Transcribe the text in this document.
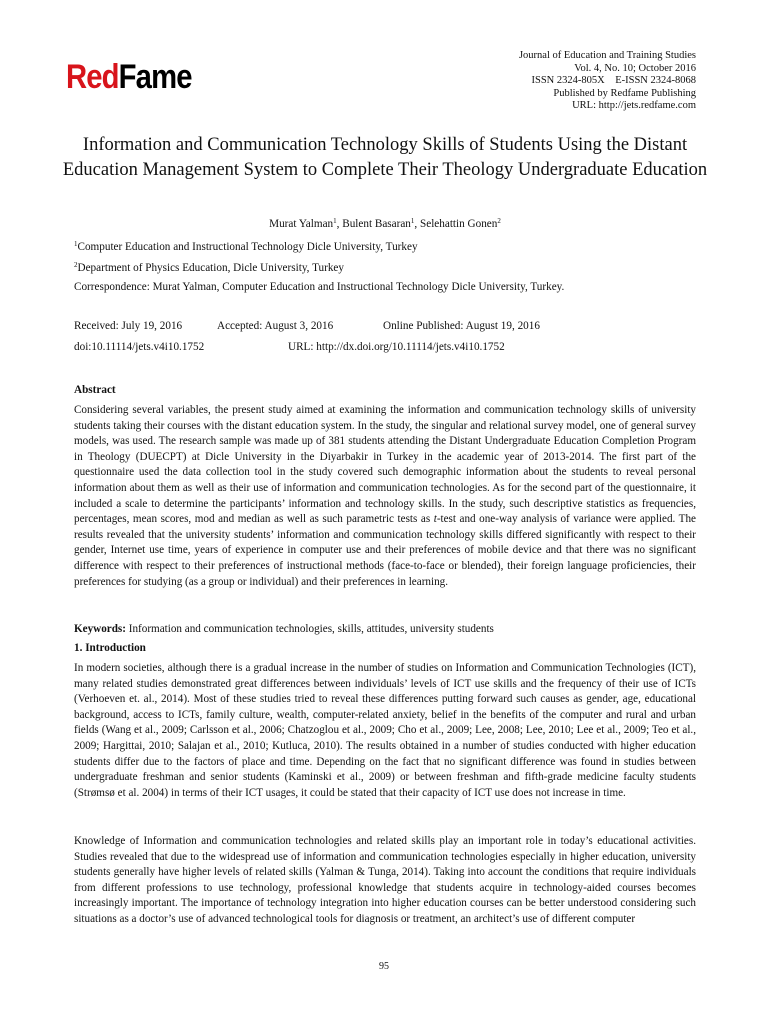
RedFame
Journal of Education and Training Studies
Vol. 4, No. 10; October 2016
ISSN 2324-805X    E-ISSN 2324-8068
Published by Redfame Publishing
URL: http://jets.redfame.com
Information and Communication Technology Skills of Students Using the Distant Education Management System to Complete Their Theology Undergraduate Education
Murat Yalman$^1$, Bulent Basaran$^1$, Selehattin Gonen$^2$
$^1$Computer Education and Instructional Technology Dicle University, Turkey
$^2$Department of Physics Education, Dicle University, Turkey
Correspondence: Murat Yalman, Computer Education and Instructional Technology Dicle University, Turkey.
Received: July 19, 2016	Accepted: August 3, 2016	Online Published: August 19, 2016
doi:10.11114/jets.v4i10.1752	URL: http://dx.doi.org/10.11114/jets.v4i10.1752
Abstract

Considering several variables, the present study aimed at examining the information and communication technology skills of university students taking their courses with the distant education system. In the study, the singular and relational survey model, one of general survey models, was used. The research sample was made up of 381 students attending the Distant Undergraduate Education Completion Program in Theology (DUECPT) at Dicle University in the Diyarbakir in Turkey in the academic year of 2013-2014. The first part of the questionnaire used the data collection tool in the study covered such demographic information about the students to reveal personal information about them as well as their use of information and communication technologies. As for the second part of the questionnaire, it included a scale to determine the participants’ information and technology skills. In the study, such descriptive statistics as frequencies, percentages, mean scores, mod and median as well as such parametric tests as t-test and one-way analysis of variance were applied. The results revealed that the university students’ information and communication technology skills differed significantly with respect to their gender, Internet use time, years of experience in computer use and their preferences of mobile device and that there was no significant difference with respect to their preferences of instructional methods (face-to-face or blended), their foreign language proficiencies, their preferences for studying (as a group or individual) and their preferences in learning.

Keywords: Information and communication technologies, skills, attitudes, university students
1. Introduction
In modern societies, although there is a gradual increase in the number of studies on Information and Communication Technologies (ICT), many related studies demonstrated great differences between individuals’ levels of ICT use skills and the frequency of their use of ICTs (Verhoeven et. al., 2014). Most of these studies tried to reveal these differences putting forward such causes as gender, age, educational background, access to ICTs, family culture, wealth, computer-related anxiety, belief in the benefits of the computer and rural and urban fields (Wang et al., 2009; Carlsson et al., 2006; Chatzoglou et al., 2009; Cho et al., 2009; Lee, 2008; Lee, 2010; Lee et al., 2009; Teo et al., 2009; Hargittai, 2010; Salajan et al., 2010; Kutluca, 2010). The results obtained in a number of studies conducted with higher education students differ due to the factors of place and time. Depending on the fact that no significant difference was found in studies between undergraduate freshman and senior students (Kaminski et al., 2009) or between freshman and fifth-grade medicine faculty students (Strømsø et al. 2004) in terms of their ICT usages, it could be stated that their capacity of ICT use does not increase in time.
Knowledge of Information and communication technologies and related skills play an important role in today’s educational activities. Studies revealed that due to the widespread use of information and communication technologies especially in higher education, university students generally have higher levels of related skills (Yalman & Tunga, 2014). Taking into account the conditions that require individuals from different professions to use technology, professional knowledge that students acquire in technology-aided courses becomes increasingly important. The importance of technology integration into higher education courses can be better understood considering such situations as a doctor’s use of advanced technological tools for diagnosis or treatment, an architect’s use of different computer
95
